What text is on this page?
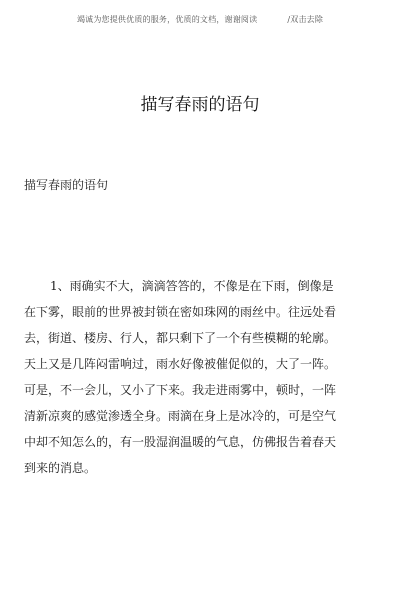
竭诚为您提供优质的服务，优质的文档，谢谢阅读	/双击去除
描写春雨的语句
描写春雨的语句
1、雨确实不大，滴滴答答的，不像是在下雨，倒像是
在下雾，眼前的世界被封锁在密如珠网的雨丝中。往远处看
去，街道、楼房、行人，都只剩下了一个有些模糊的轮廓。
天上又是几阵闷雷响过，雨水好像被催促似的，大了一阵。
可是，不一会儿，又小了下来。我走进雨雾中，顿时，一阵
清新凉爽的感觉渗透全身。雨滴在身上是冰冷的，可是空气
中却不知怎么的，有一股湿润温暖的气息，仿佛报告着春天
到来的消息。
